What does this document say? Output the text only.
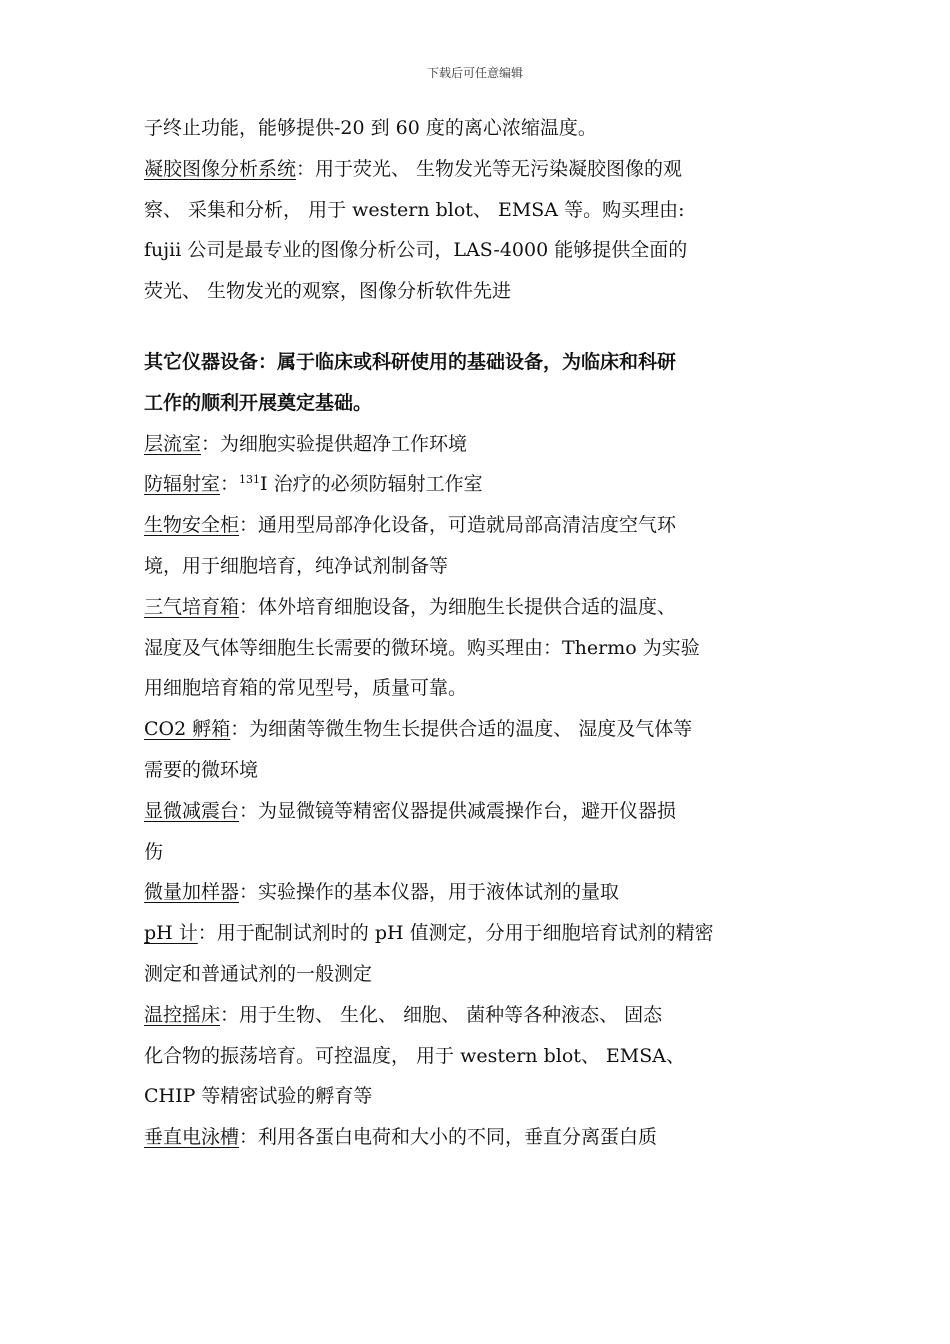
下载后可任意编辑
子终止功能，能够提供-20 到 60 度的离心浓缩温度。
凝胶图像分析系统：用于荧光、 生物发光等无污染凝胶图像的观
察、 采集和分析， 用于 western blot、 EMSA 等。购买理由:
fujii 公司是最专业的图像分析公司，LAS-4000 能够提供全面的
荧光、 生物发光的观察，图像分析软件先进
其它仪器设备：属于临床或科研使用的基础设备，为临床和科研
工作的顺利开展奠定基础。
层流室：为细胞实验提供超净工作环境
防辐射室：$^{131}$I 治疗的必须防辐射工作室
生物安全柜：通用型局部净化设备，可造就局部高清洁度空气环
境，用于细胞培育，纯净试剂制备等
三气培育箱：体外培育细胞设备，为细胞生长提供合适的温度、
湿度及气体等细胞生长需要的微环境。购买理由：Thermo 为实验
用细胞培育箱的常见型号，质量可靠。
CO2 孵箱：为细菌等微生物生长提供合适的温度、 湿度及气体等
需要的微环境
显微减震台：为显微镜等精密仪器提供减震操作台，避开仪器损
伤
微量加样器：实验操作的基本仪器，用于液体试剂的量取
pH 计：用于配制试剂时的 pH 值测定，分用于细胞培育试剂的精密
测定和普通试剂的一般测定
温控摇床：用于生物、 生化、 细胞、 菌种等各种液态、 固态
化合物的振荡培育。可控温度， 用于 western blot、 EMSA、
CHIP 等精密试验的孵育等
垂直电泳槽：利用各蛋白电荷和大小的不同，垂直分离蛋白质
